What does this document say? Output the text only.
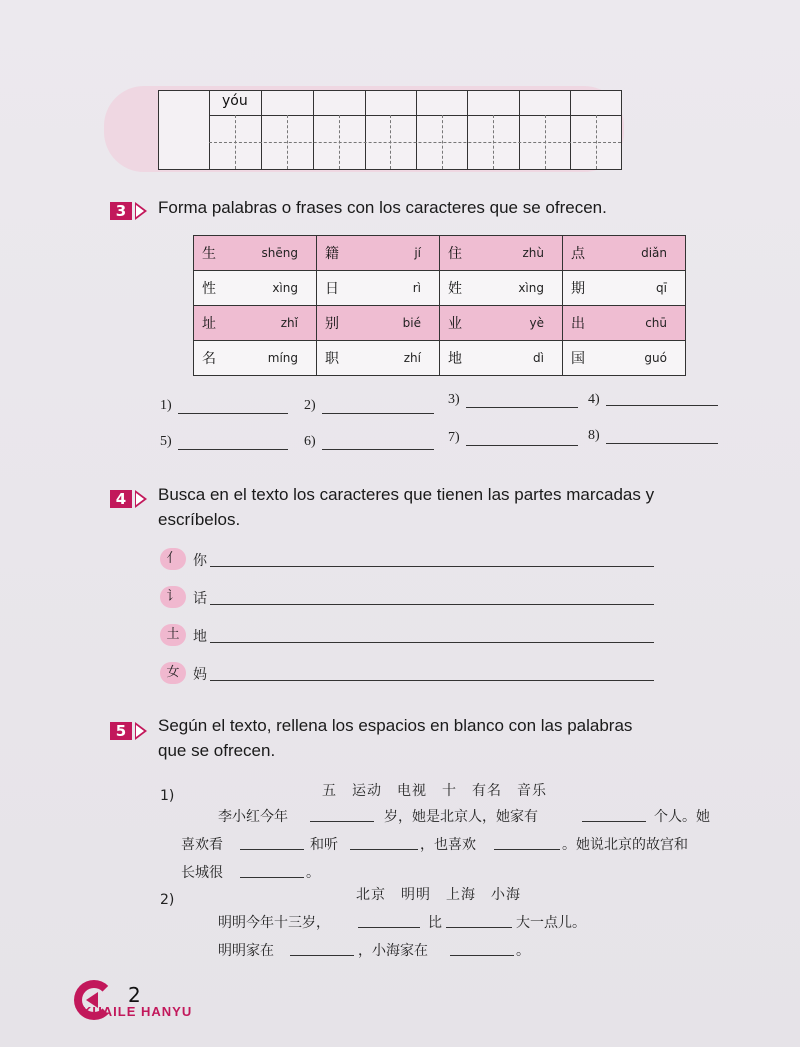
yóu
3	Forma palabras o frases con los caracteres que se ofrecen.
生 shēng	籍 jí	住 zhù	点 diǎn

性 xìng	日 rì	姓 xìng	期 qī

址 zhǐ	别 bié	业 yè	出 chū

名 míng	职 zhí	地 dì	国 guó
1)	2)	3)	4)
5)	6)	7)	8)
4	Busca en el texto los caracteres que tienen las partes marcadas y
escríbelos.
亻 你
讠 话
土 地
女 妈
5	Según el texto, rellena los espacios en blanco con las palabras
que se ofrecen.
1)	五　运动　电视　十　有名　音乐
李小红今年	岁，她是北京人，她家有	个人。她
喜欢看	和听	，也喜欢	。她说北京的故宫和
长城很	。
2)	北京　明明　上海　小海
明明今年十三岁，	比	大一点儿。
明明家在	，小海家在	。
2
KUAILE HANYU
